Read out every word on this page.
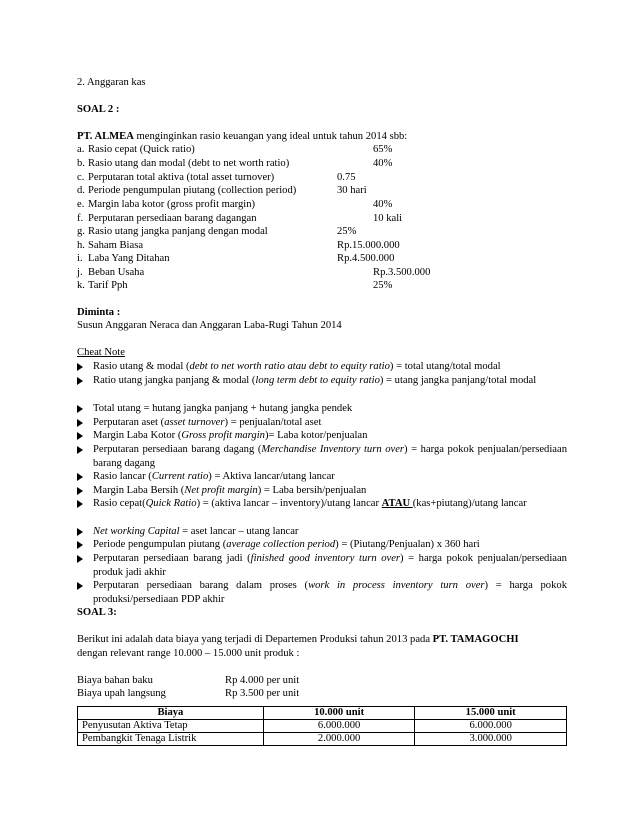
2. Anggaran kas
SOAL 2 :
PT. ALMEA menginginkan rasio keuangan yang ideal untuk tahun 2014 sbb:
a. Rasio cepat (Quick ratio)	65%
b. Rasio utang dan modal (debt to net worth ratio)	40%
c. Perputaran total aktiva (total asset turnover)	0.75
d. Periode pengumpulan piutang (collection period)	30 hari
e. Margin laba kotor (gross profit margin)	40%
f. Perputaran persediaan barang dagangan	10 kali
g. Rasio utang jangka panjang dengan modal	25%
h. Saham Biasa	Rp.15.000.000
i. Laba Yang Ditahan	Rp.4.500.000
j. Beban Usaha	Rp.3.500.000
k. Tarif Pph	25%
Diminta :
Susun Anggaran Neraca dan Anggaran Laba-Rugi Tahun 2014
Cheat Note
Rasio utang & modal (debt to net worth ratio atau debt to equity ratio) = total utang/total modal
Ratio utang jangka panjang & modal (long term debt to equity ratio) = utang jangka panjang/total modal
Total utang = hutang jangka panjang + hutang jangka pendek
Perputaran aset (asset turnover) = penjualan/total aset
Margin Laba Kotor (Gross profit margin)= Laba kotor/penjualan
Perputaran persediaan barang dagang (Merchandise Inventory turn over) = harga pokok penjualan/persediaan barang dagang
Rasio lancar (Current ratio) = Aktiva lancar/utang lancar
Margin Laba Bersih (Net profit margin) = Laba bersih/penjualan
Rasio cepat(Quick Ratio) = (aktiva lancar – inventory)/utang lancar ATAU (kas+piutang)/utang lancar
Net working Capital = aset lancar – utang lancar
Periode pengumpulan piutang (average collection period) = (Piutang/Penjualan) x 360 hari
Perputaran persediaan barang jadi (finished good inventory turn over) = harga pokok penjualan/persediaan produk jadi akhir
Perputaran persediaan barang dalam proses (work in process inventory turn over) = harga pokok produksi/persediaan PDP akhir
SOAL 3:
Berikut ini adalah data biaya yang terjadi di Departemen Produksi tahun 2013 pada PT. TAMAGOCHI
dengan relevant range 10.000 – 15.000 unit produk :
Biaya bahan baku	Rp 4.000 per unit
Biaya upah langsung	Rp 3.500 per unit
Biaya	10.000 unit	15.000 unit
Penyusutan Aktiva Tetap	6.000.000	6.000.000
Pembangkit Tenaga Listrik	2.000.000	3.000.000
